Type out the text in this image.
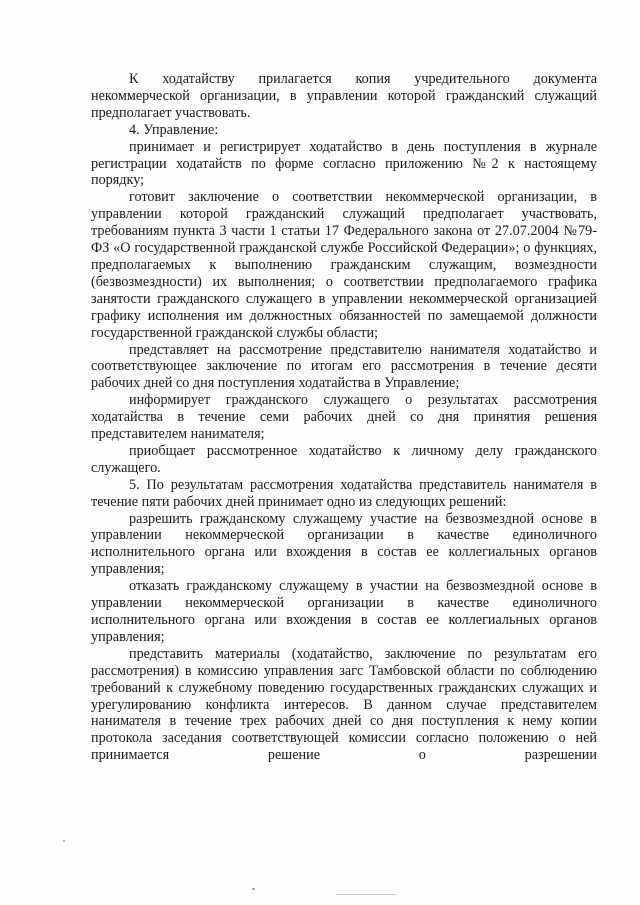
К ходатайству прилагается копия учредительного документа некоммерческой организации, в управлении которой гражданский служащий предполагает участвовать.

4. Управление:

принимает и регистрирует ходатайство в день поступления в журнале регистрации ходатайств по форме согласно приложению №2 к настоящему порядку;

готовит заключение о соответствии некоммерческой организации, в управлении которой гражданский служащий предполагает участвовать, требованиям пункта 3 части 1 статьи 17 Федерального закона от 27.07.2004 №79-ФЗ «О государственной гражданской службе Российской Федерации»; о функциях, предполагаемых к выполнению гражданским служащим, возмездности (безвозмездности) их выполнения; о соответствии предполагаемого графика занятости гражданского служащего в управлении некоммерческой организацией графику исполнения им должностных обязанностей по замещаемой должности государственной гражданской службы области;

представляет на рассмотрение представителю нанимателя ходатайство и соответствующее заключение по итогам его рассмотрения в течение десяти рабочих дней со дня поступления ходатайства в Управление;

информирует гражданского служащего о результатах рассмотрения ходатайства в течение семи рабочих дней со дня принятия решения представителем нанимателя;

приобщает рассмотренное ходатайство к личному делу гражданского служащего.

5. По результатам рассмотрения ходатайства представитель нанимателя в течение пяти рабочих дней принимает одно из следующих решений:

разрешить гражданскому служащему участие на безвозмездной основе в управлении некоммерческой организации в качестве единоличного исполнительного органа или вхождения в состав ее коллегиальных органов управления;

отказать гражданскому служащему в участии на безвозмездной основе в управлении некоммерческой организации в качестве единоличного исполнительного органа или вхождения в состав ее коллегиальных органов управления;

представить материалы (ходатайство, заключение по результатам его рассмотрения) в комиссию управления загс Тамбовской области по соблюдению требований к служебному поведению государственных гражданских служащих и урегулированию конфликта интересов. В данном случае представителем нанимателя в течение трех рабочих дней со дня поступления к нему копии протокола заседания соответствующей комиссии согласно положению о ней принимается решение о разрешении
